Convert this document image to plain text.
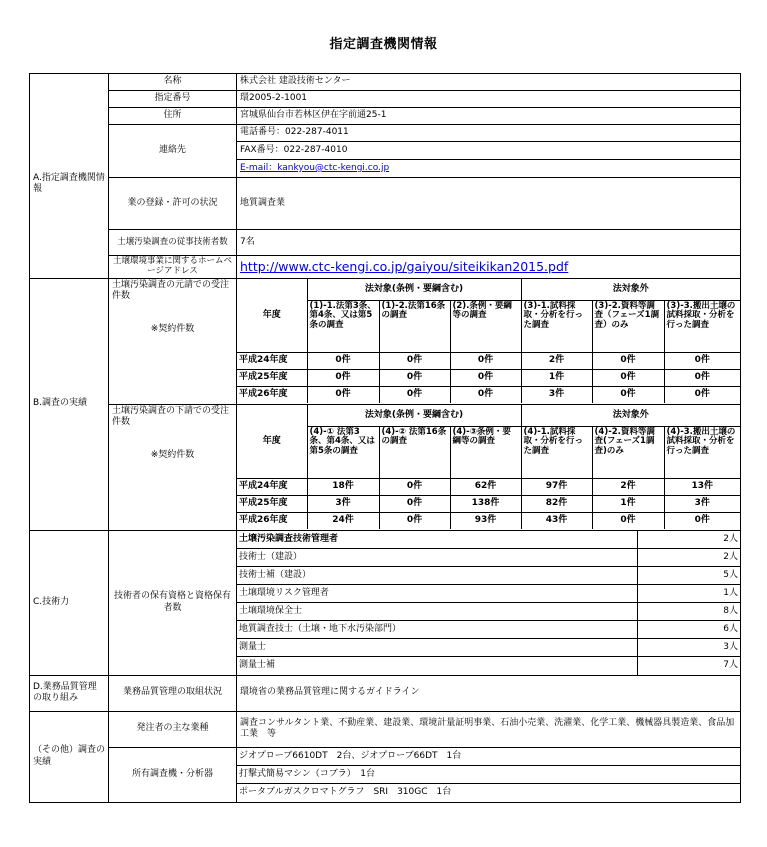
指定調査機関情報
A.指定調査機関情報
	名称	株式会社 建設技術センター
指定番号	環2005-2-1001
住所	宮城県仙台市若林区伊在字前通25-1
連絡先	電話番号：022-287-4011
FAX番号：022-287-4010
E-mail：kankyou@ctc-kengi.co.jp
業の登録・許可の状況	地質調査業
土壌汚染調査の従事技術者数	7名
土壌環境事業に関するホームページアドレス	http://www.ctc-kengi.co.jp/gaiyou/siteikikan2015.pdf
B.調査の実績	
土壌汚染調査の元請での受注件数
※契約件数

年度	法対象(条例・要綱含む)	法対象外
(1)-1.法第3条、第4条、又は第5条の調査	(1)-2.法第16条の調査	(2).条例・要綱等の調査	(3)-1.試料採取・分析を行った調査	(3)-2.資料等調査（フェーズ1調査）のみ	(3)-3.搬出土壌の試料採取・分析を行った調査
平成24年度	0件	0件	0件	2件	0件	0件
平成25年度	0件	0件	0件	1件	0件	0件
平成26年度	0件	0件	0件	3件	0件	0件

土壌汚染調査の下請での受注件数
※契約件数

年度	法対象(条例・要綱含む)	法対象外
(4)-① 法第3条、第4条、又は第5条の調査	(4)-② 法第16条の調査	(4)-③条例・要綱等の調査	(4)-1.試料採取・分析を行った調査	(4)-2.資料等調査(フェーズ1調査)のみ	(4)-3.搬出土壌の試料採取・分析を行った調査
平成24年度	18件	0件	62件	97件	2件	13件
平成25年度	3件	0件	138件	82件	1件	3件
平成26年度	24件	0件	93件	43件	0件	0件

C.技術力	技術者の保有資格と資格保有者数	
土壌汚染調査技術管理者	2人
技術士（建設）	2人
技術士補（建設）	5人
土壌環境リスク管理者	1人
土壌環境保全士	8人
地質調査技士（土壌・地下水汚染部門）	6人
測量士	3人
測量士補	7人

D.業務品質管理の取り組み	業務品質管理の取組状況	環境省の業務品質管理に関するガイドライン
（その他）調査の実績	発注者の主な業種	調査コンサルタント業、不動産業、建設業、環境計量証明事業、石油小売業、洗濯業、化学工業、機械器具製造業、食品加工業　等
所有調査機・分析器	
ジオプローブ6610DT　2台、ジオプローブ66DT　1台
打撃式簡易マシン（コブラ）　1台
ポータブルガスクロマトグラフ　SRI　310GC　1台
